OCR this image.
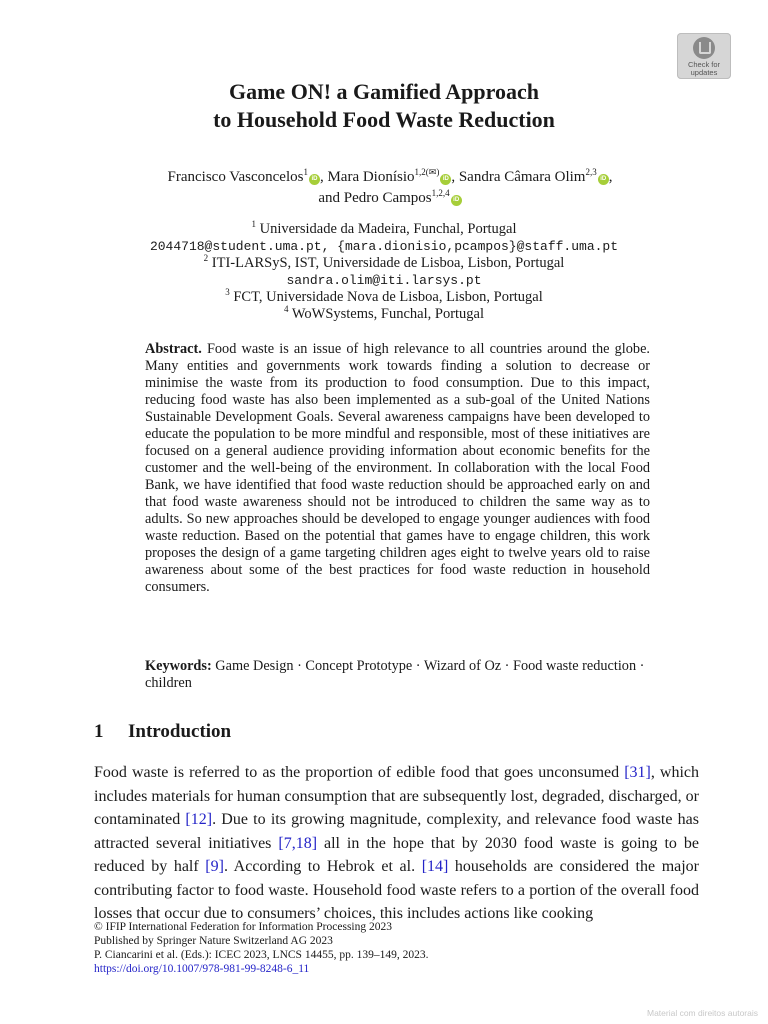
Check for
updates
Game ON! a Gamified Approach
to Household Food Waste Reduction
Francisco Vasconcelos$^1$iD , Mara Dionísio$^{1,2(✉)}$iD , Sandra Câmara Olim$^{2,3}$iD ,
and Pedro Campos$^{1,2,4}$iD
$^1$ Universidade da Madeira, Funchal, Portugal
2044718@student.uma.pt, {mara.dionisio,pcampos}@staff.uma.pt
$^2$ ITI-LARSyS, IST, Universidade de Lisboa, Lisbon, Portugal
sandra.olim@iti.larsys.pt
$^3$ FCT, Universidade Nova de Lisboa, Lisbon, Portugal
$^4$ WoWSystems, Funchal, Portugal
Abstract. Food waste is an issue of high relevance to all countries around the globe. Many entities and governments work towards finding a solution to decrease or minimise the waste from its production to food consumption. Due to this impact, reducing food waste has also been implemented as a sub-goal of the United Nations Sustainable Development Goals. Several awareness campaigns have been developed to educate the population to be more mindful and responsible, most of these initiatives are focused on a general audience providing information about economic benefits for the customer and the well-being of the environment. In collaboration with the local Food Bank, we have identified that food waste reduction should be approached early on and that food waste awareness should not be introduced to children the same way as to adults. So new approaches should be developed to engage younger audiences with food waste reduction. Based on the potential that games have to engage children, this work proposes the design of a game targeting children ages eight to twelve years old to raise awareness about some of the best practices for food waste reduction in household consumers.
Keywords: Game Design · Concept Prototype · Wizard of Oz · Food waste reduction · children
1 Introduction
Food waste is referred to as the proportion of edible food that goes unconsumed [31], which includes materials for human consumption that are subsequently lost, degraded, discharged, or contaminated [12]. Due to its growing magnitude, complexity, and relevance food waste has attracted several initiatives [7,18] all in the hope that by 2030 food waste is going to be reduced by half [9]. According to Hebrok et al. [14] households are considered the major contributing factor to food waste. Household food waste refers to a portion of the overall food losses that occur due to consumers’ choices, this includes actions like cooking
© IFIP International Federation for Information Processing 2023
Published by Springer Nature Switzerland AG 2023
P. Ciancarini et al. (Eds.): ICEC 2023, LNCS 14455, pp. 139–149, 2023.
https://doi.org/10.1007/978-981-99-8248-6_11
Material com direitos autorais
